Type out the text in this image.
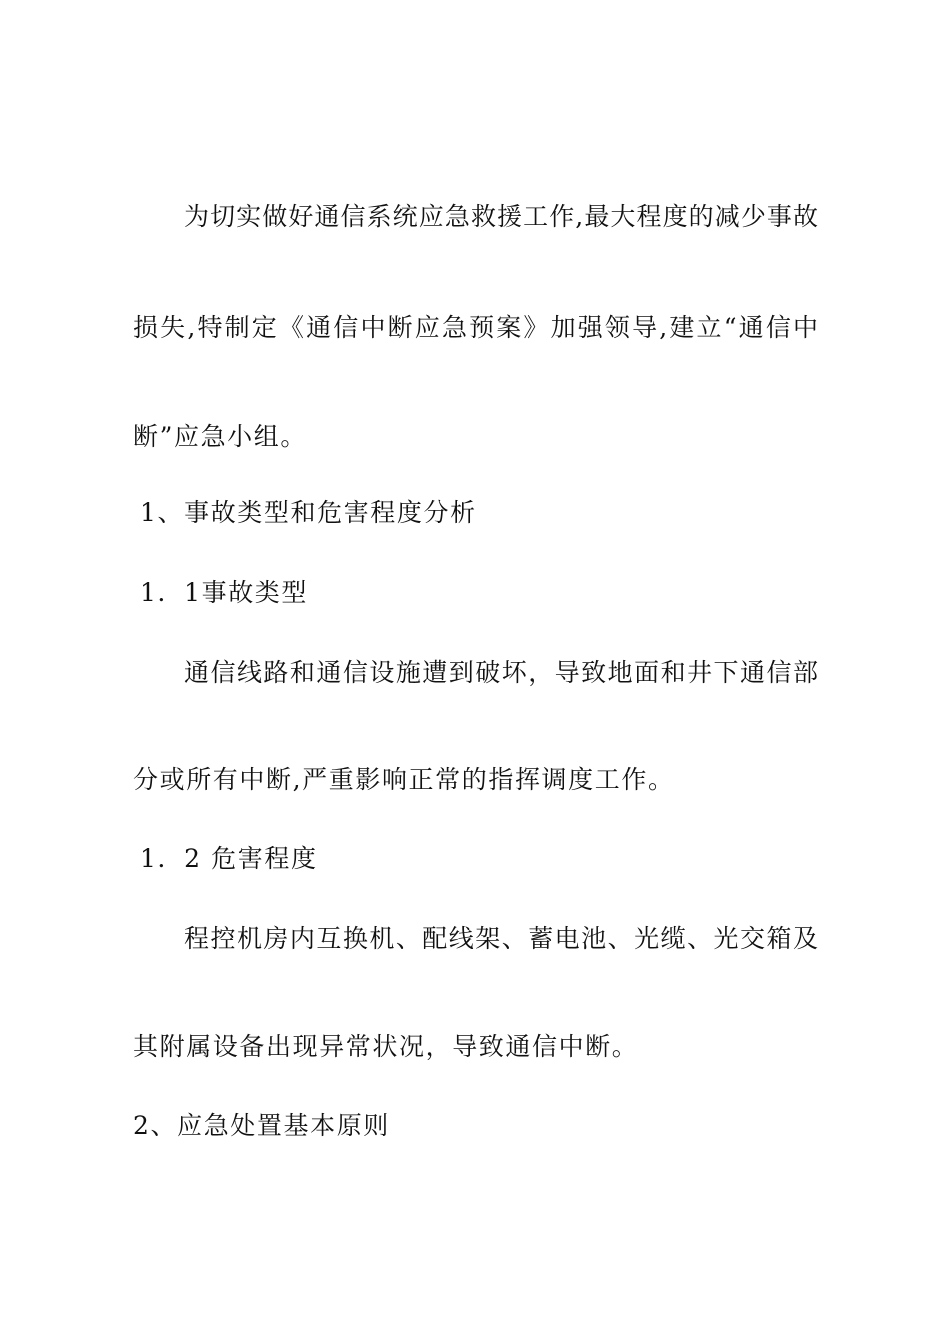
为切实做好通信系统应急救援工作,最大程度的减少事故
损失,特制定《通信中断应急预案》加强领导,建立“通信中
断”应急小组。
1、事故类型和危害程度分析
1．1事故类型
通信线路和通信设施遭到破坏，导致地面和井下通信部
分或所有中断,严重影响正常的指挥调度工作。
1．2 危害程度
程控机房内互换机、配线架、蓄电池、光缆、光交箱及
其附属设备出现异常状况，导致通信中断。
2、应急处置基本原则
